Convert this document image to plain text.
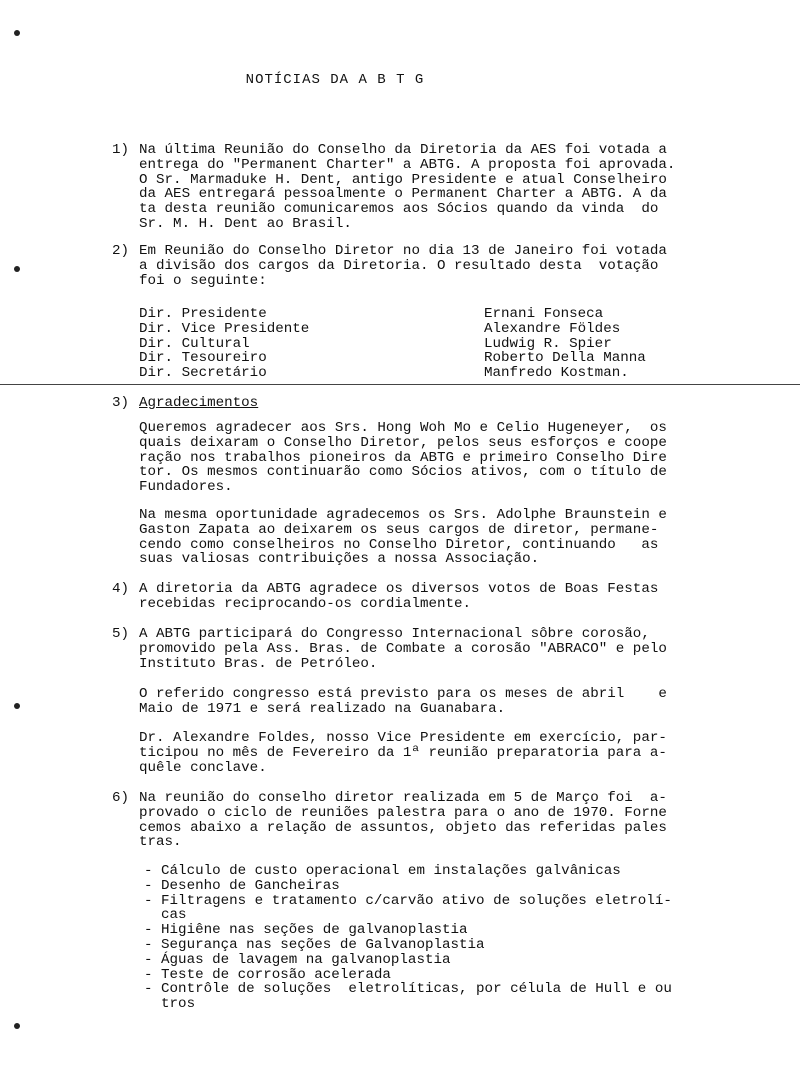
NOTÍCIAS DA A B T G
1) Na última Reunião do Conselho da Diretoria da AES foi votada a
entrega do "Permanent Charter" a ABTG. A proposta foi aprovada.
O Sr. Marmaduke H. Dent, antigo Presidente e atual Conselheiro
da AES entregará pessoalmente o Permanent Charter a ABTG. A da
ta desta reunião comunicaremos aos Sócios quando da vinda  do
Sr. M. H. Dent ao Brasil.
2) Em Reunião do Conselho Diretor no dia 13 de Janeiro foi votada
a divisão dos cargos da Diretoria. O resultado desta  votação
foi o seguinte:
Dir. Presidente	Ernani Fonseca
Dir. Vice Presidente	Alexandre Földes
Dir. Cultural	Ludwig R. Spier
Dir. Tesoureiro	Roberto Della Manna
Dir. Secretário	Manfredo Kostman.
3) Agradecimentos
Queremos agradecer aos Srs. Hong Woh Mo e Celio Hugeneyer,  os
quais deixaram o Conselho Diretor, pelos seus esforços e coope
ração nos trabalhos pioneiros da ABTG e primeiro Conselho Dire
tor. Os mesmos continuarão como Sócios ativos, com o título de
Fundadores.
Na mesma oportunidade agradecemos os Srs. Adolphe Braunstein e
Gaston Zapata ao deixarem os seus cargos de diretor, permane-
cendo como conselheiros no Conselho Diretor, continuando   as
suas valiosas contribuições a nossa Associação.
4) A diretoria da ABTG agradece os diversos votos de Boas Festas
recebidas reciprocando-os cordialmente.
5) A ABTG participará do Congresso Internacional sôbre corosão,
promovido pela Ass. Bras. de Combate a corosão "ABRACO" e pelo
Instituto Bras. de Petróleo.
O referido congresso está previsto para os meses de abril    e
Maio de 1971 e será realizado na Guanabara.
Dr. Alexandre Foldes, nosso Vice Presidente em exercício, par-
ticipou no mês de Fevereiro da 1ª reunião preparatoria para a-
quêle conclave.
6) Na reunião do conselho diretor realizada em 5 de Março foi  a-
provado o ciclo de reuniões palestra para o ano de 1970. Forne
cemos abaixo a relação de assuntos, objeto das referidas pales
tras.
- Cálculo de custo operacional em instalações galvânicas
- Desenho de Gancheiras
- Filtragens e tratamento c/carvão ativo de soluções eletrolí-
cas
- Higiêne nas seções de galvanoplastia
- Segurança nas seções de Galvanoplastia
- Águas de lavagem na galvanoplastia
- Teste de corrosão acelerada
- Contrôle de soluções  eletrolíticas, por célula de Hull e ou
tros
